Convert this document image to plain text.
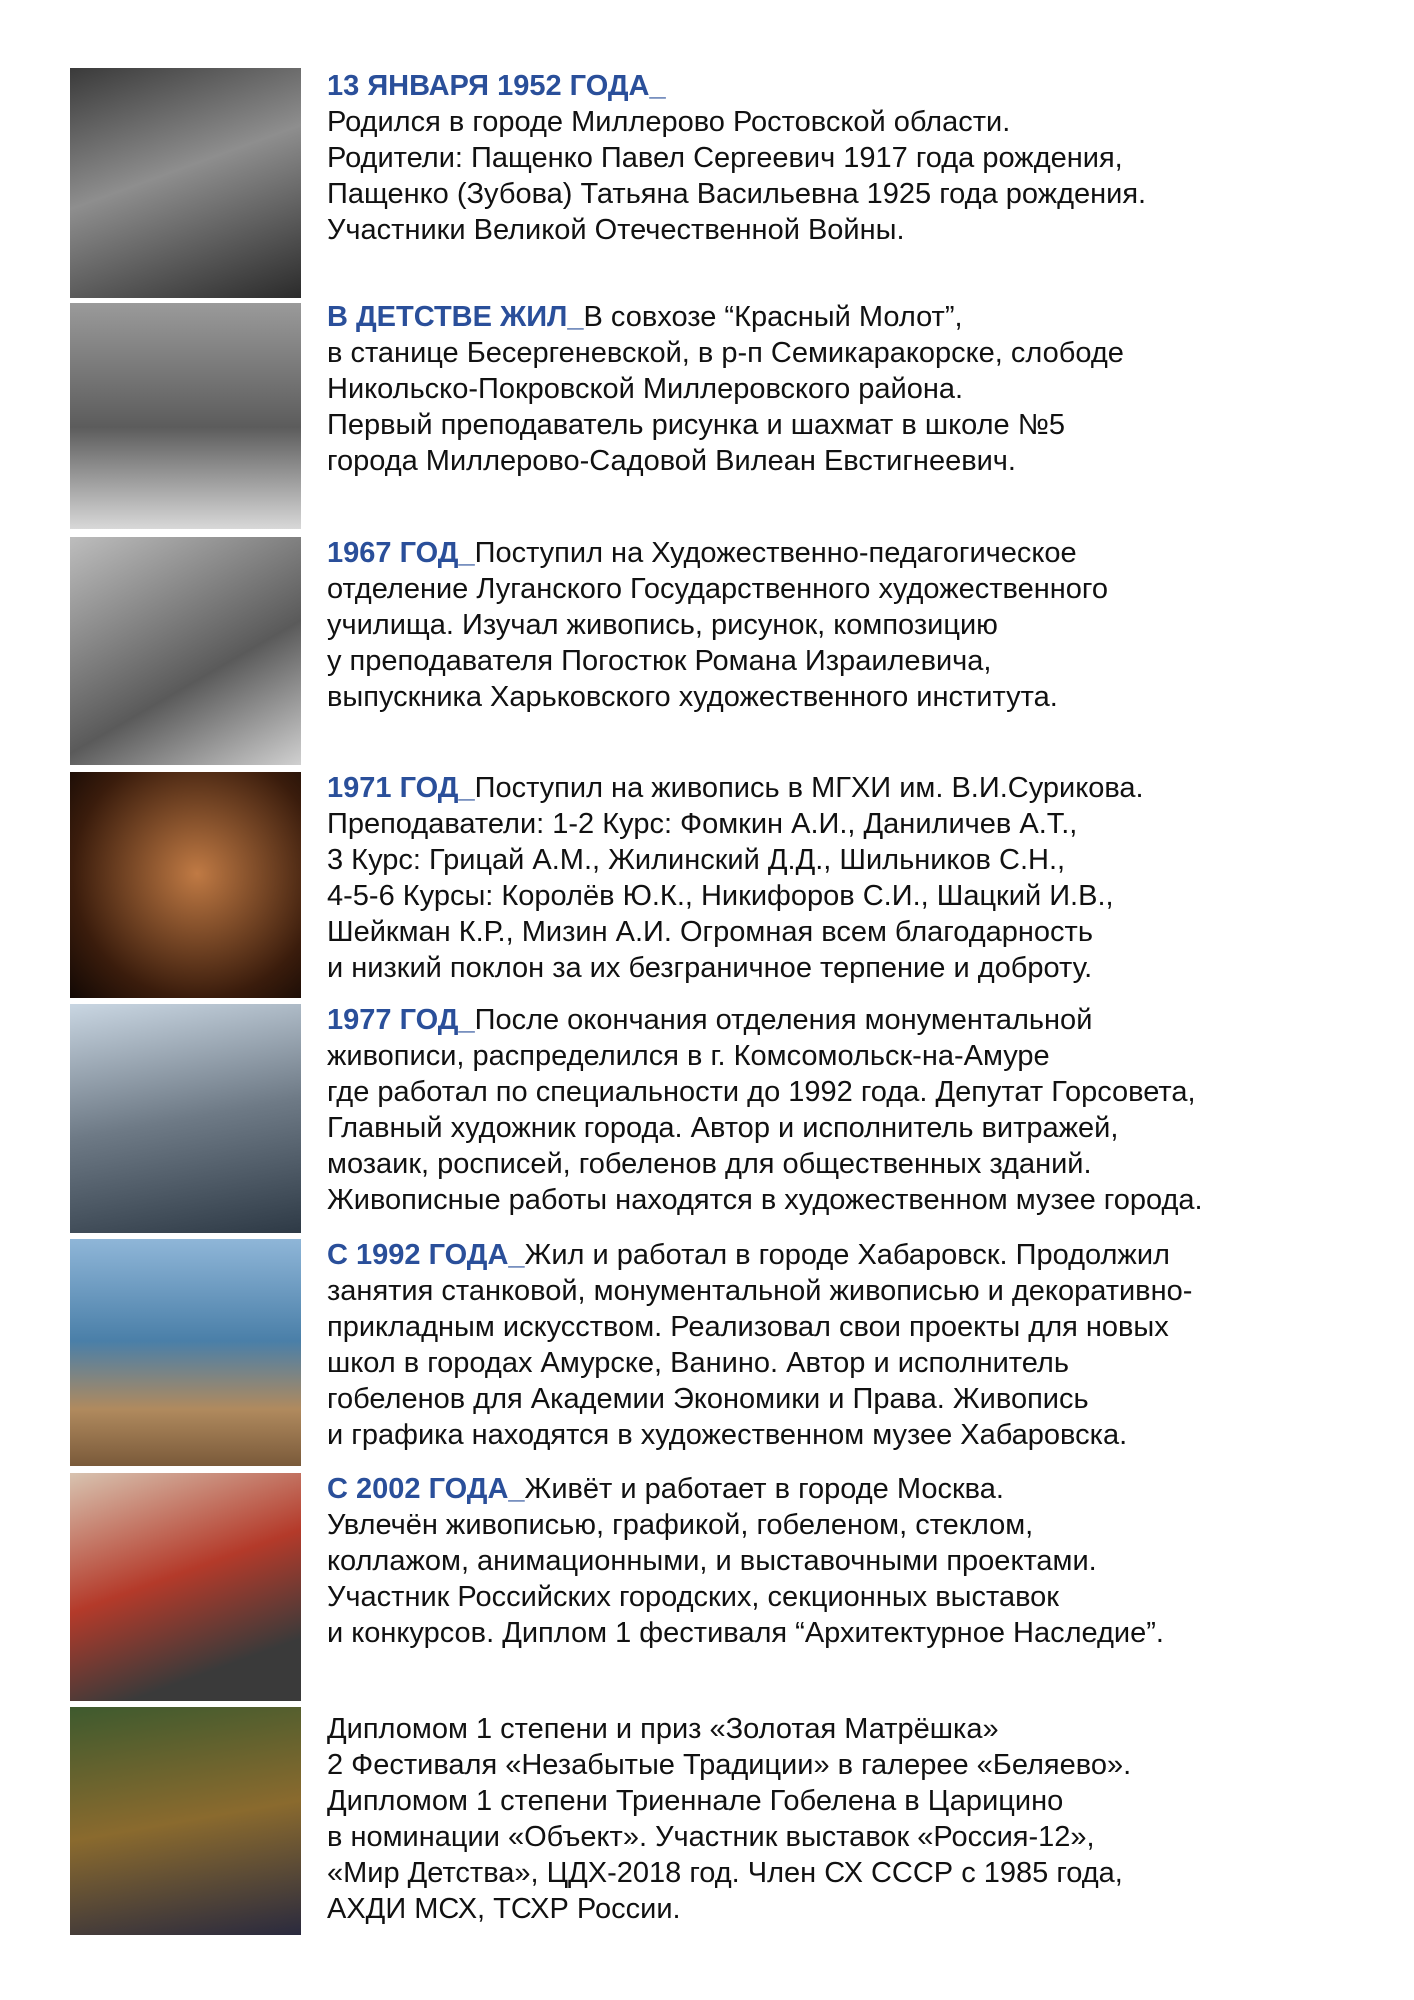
13 ЯНВАРЯ 1952 ГОДА_
Родился в городе Миллерово Ростовской области.
Родители: Пащенко Павел Сергеевич 1917 года рождения,
Пащенко (Зубова) Татьяна Васильевна 1925 года рождения.
Участники Великой Отечественной Войны.
В ДЕТСТВЕ ЖИЛ_В совхозе “Красный Молот”,
в станице Бесергеневской, в р-п Семикаракорске, слободе
Никольско-Покровской Миллеровского района.
Первый преподаватель рисунка и шахмат в школе №5
города Миллерово-Садовой Вилеан Евстигнеевич.
1967 ГОД_Поступил на Художественно-педагогическое
отделение Луганского Государственного художественного
училища. Изучал живопись, рисунок, композицию
у преподавателя Погостюк Романа Израилевича,
выпускника Харьковского художественного института.
1971 ГОД_Поступил на живопись в МГХИ им. В.И.Сурикова.
Преподаватели: 1-2 Курс: Фомкин А.И., Даниличев А.Т.,
3 Курс: Грицай А.М., Жилинский Д.Д., Шильников С.Н.,
4-5-6 Курсы: Королёв Ю.К., Никифоров С.И., Шацкий И.В.,
Шейкман К.Р., Мизин А.И. Огромная всем благодарность
и низкий поклон за их безграничное терпение и доброту.
1977 ГОД_После окончания отделения монументальной
живописи, распределился в г. Комсомольск-на-Амуре
где работал по специальности до 1992 года. Депутат Горсовета,
Главный художник города. Автор и исполнитель витражей,
мозаик, росписей, гобеленов для общественных зданий.
Живописные работы находятся в художественном музее города.
С 1992 ГОДА_Жил и работал в городе Хабаровск. Продолжил
занятия станковой, монументальной живописью и декоративно-
прикладным искусством. Реализовал свои проекты для новых
школ в городах Амурске, Ванино. Автор и исполнитель
гобеленов для Академии Экономики и Права. Живопись
и графика находятся в художественном музее Хабаровска.
С 2002 ГОДА_Живёт и работает в городе Москва.
Увлечён живописью, графикой, гобеленом, стеклом,
коллажом, анимационными, и выставочными проектами.
Участник Российских городских, секционных выставок
и конкурсов. Диплом 1 фестиваля “Архитектурное Наследие”.
Дипломом 1 степени и приз «Золотая Матрёшка»
2 Фестиваля «Незабытые Традиции» в галерее «Беляево».
Дипломом 1 степени Триеннале Гобелена в Царицино
в номинации «Объект». Участник выставок «Россия-12»,
«Мир Детства», ЦДХ-2018 год. Член СХ СССР с 1985 года,
АХДИ МСХ, ТСХР России.
